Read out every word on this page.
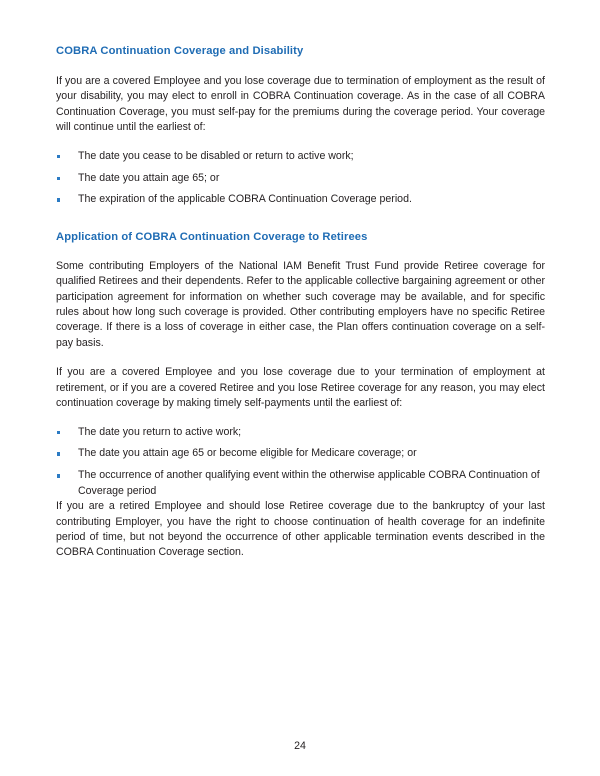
COBRA Continuation Coverage and Disability

If you are a covered Employee and you lose coverage due to termination of employment as the result of your disability, you may elect to enroll in COBRA Continuation coverage. As in the case of all COBRA Continuation Coverage, you must self-pay for the premiums during the coverage period. Your coverage will continue until the earliest of:

The date you cease to be disabled or return to active work;
The date you attain age 65; or
The expiration of the applicable COBRA Continuation Coverage period.
Application of COBRA Continuation Coverage to Retirees

Some contributing Employers of the National IAM Benefit Trust Fund provide Retiree coverage for qualified Retirees and their dependents. Refer to the applicable collective bargaining agreement or other participation agreement for information on whether such coverage may be available, and for specific rules about how long such coverage is provided. Other contributing employers have no specific Retiree coverage. If there is a loss of coverage in either case, the Plan offers continuation coverage on a self-pay basis.

If you are a covered Employee and you lose coverage due to your termination of employment at retirement, or if you are a covered Retiree and you lose Retiree coverage for any reason, you may elect continuation coverage by making timely self-payments until the earliest of:

The date you return to active work;
The date you attain age 65 or become eligible for Medicare coverage; or
The occurrence of another qualifying event within the otherwise applicable COBRA Continuation of Coverage period

If you are a retired Employee and should lose Retiree coverage due to the bankruptcy of your last contributing Employer, you have the right to choose continuation of health coverage for an indefinite period of time, but not beyond the occurrence of other applicable termination events described in the COBRA Continuation Coverage section.

24
